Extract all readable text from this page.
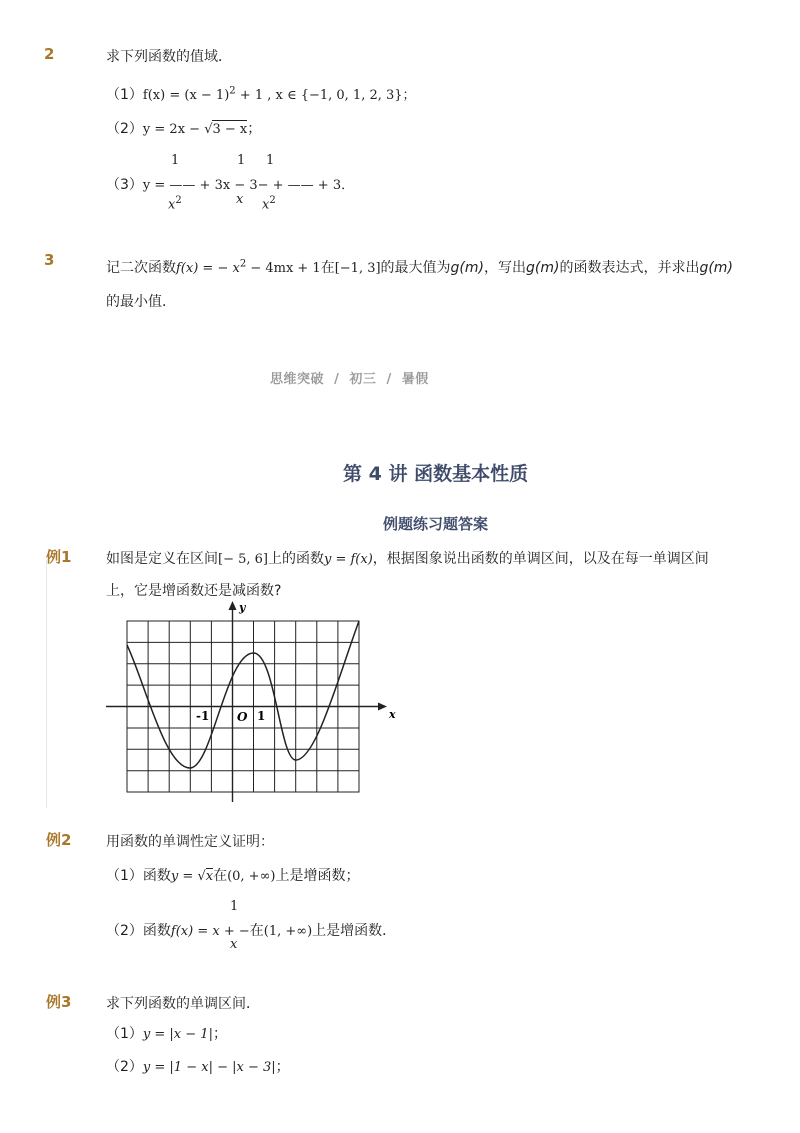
2	求下列函数的值域．
$(1)f(x) = (x - 1)^2 + 1$ , x ∈ {−1, 0, 1, 2, 3}；
（2）y = 2x − √3 − x；
（3）y = —— + 3x − 3− + —— + 3．
1
$x^2$
1
x
1
$x^2$
3	记二次函数f(x) = − $x^2 - 4mx + 1$在[−1, 3]的最大值为g(m)，写出g(m)的函数表达式，并求出g(m)
的最小值．
思维突破 / 初三 / 暑假
第 4 讲 函数基本性质
例题练习题答案
例1 如图是定义在区间[− 5, 6]上的函数y = f(x)，根据图象说出函数的单调区间，以及在每一单调区间
上，它是增函数还是减函数?
x
y
-1 O 1
例2 用函数的单调性定义证明：
（1）函数y = √x在(0, +∞)上是增函数；
1
（2）函数f(x) = x + −在(1, +∞)上是增函数．
x
例3 求下列函数的单调区间．
（1）y = |x − 1|；
（2）y = |1 − x| − |x − 3|；
